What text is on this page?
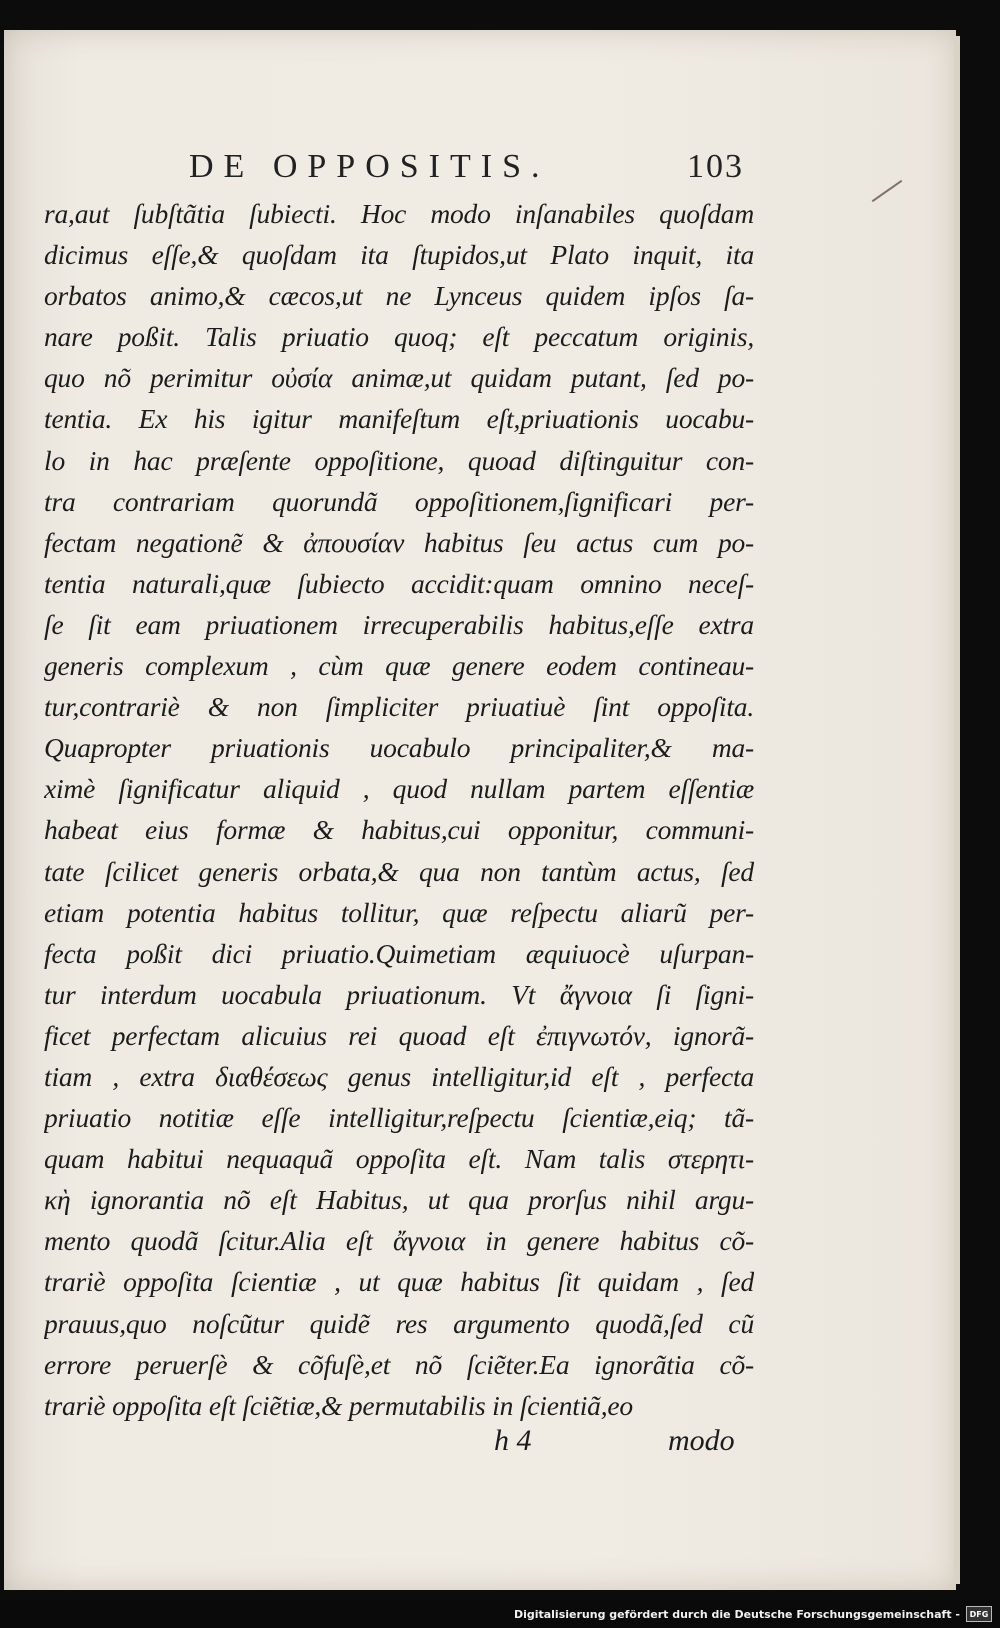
DE OPPOSITIS.	103
ra,aut ſubſtãtia ſubiecti. Hoc modo inſanabiles quoſdam
dicimus eſſe,& quoſdam ita ſtupidos,ut Plato inquit, ita
orbatos animo,& cæcos,ut ne Lynceus quidem ipſos ſa-
nare poßit. Talis priuatio quoq; eſt peccatum originis,
quo nõ perimitur οὐσία animæ,ut quidam putant, ſed po-
tentia. Ex his igitur manifeſtum eſt,priuationis uocabu-
lo in hac præſente oppoſitione, quoad diſtinguitur con-
tra contrariam quorundã oppoſitionem,ſignificari per-
fectam negationẽ & ἀπουσίαν habitus ſeu actus cum po-
tentia naturali,quæ ſubiecto accidit:quam omnino neceſ-
ſe ſit eam priuationem irrecuperabilis habitus,eſſe extra
generis complexum , cùm quæ genere eodem contineau-
tur,contrariè & non ſimpliciter priuatiuè ſint oppoſita.
Quapropter priuationis uocabulo principaliter,& ma-
ximè ſignificatur aliquid , quod nullam partem eſſentiæ
habeat eius formæ & habitus,cui opponitur, communi-
tate ſcilicet generis orbata,& qua non tantùm actus, ſed
etiam potentia habitus tollitur, quæ reſpectu aliarũ per-
fecta poßit dici priuatio.Quimetiam æquiuocè uſurpan-
tur interdum uocabula priuationum. Vt ἄγνοια ſi ſigni-
ficet perfectam alicuius rei quoad eſt ἐπιγνωτόν, ignorã-
tiam , extra διαθέσεως genus intelligitur,id eſt , perfecta
priuatio notitiæ eſſe intelligitur,reſpectu ſcientiæ,eiq; tã-
quam habitui nequaquã oppoſita eſt. Nam talis στερητι-
κὴ ignorantia nõ eſt Habitus, ut qua prorſus nihil argu-
mento quodã ſcitur.Alia eſt ἄγνοια in genere habitus cõ-
trariè oppoſita ſcientiæ , ut quæ habitus ſit quidam , ſed
prauus,quo noſcũtur quidẽ res argumento quodã,ſed cũ
errore peruerſè & cõfuſè,et nõ ſciẽter.Ea ignorãtia cõ-
trariè oppoſita eſt ſciẽtiæ,& permutabilis in ſcientiã,eo
h 4	modo
Digitalisierung gefördert durch die Deutsche Forschungsgemeinschaft -	DFG
